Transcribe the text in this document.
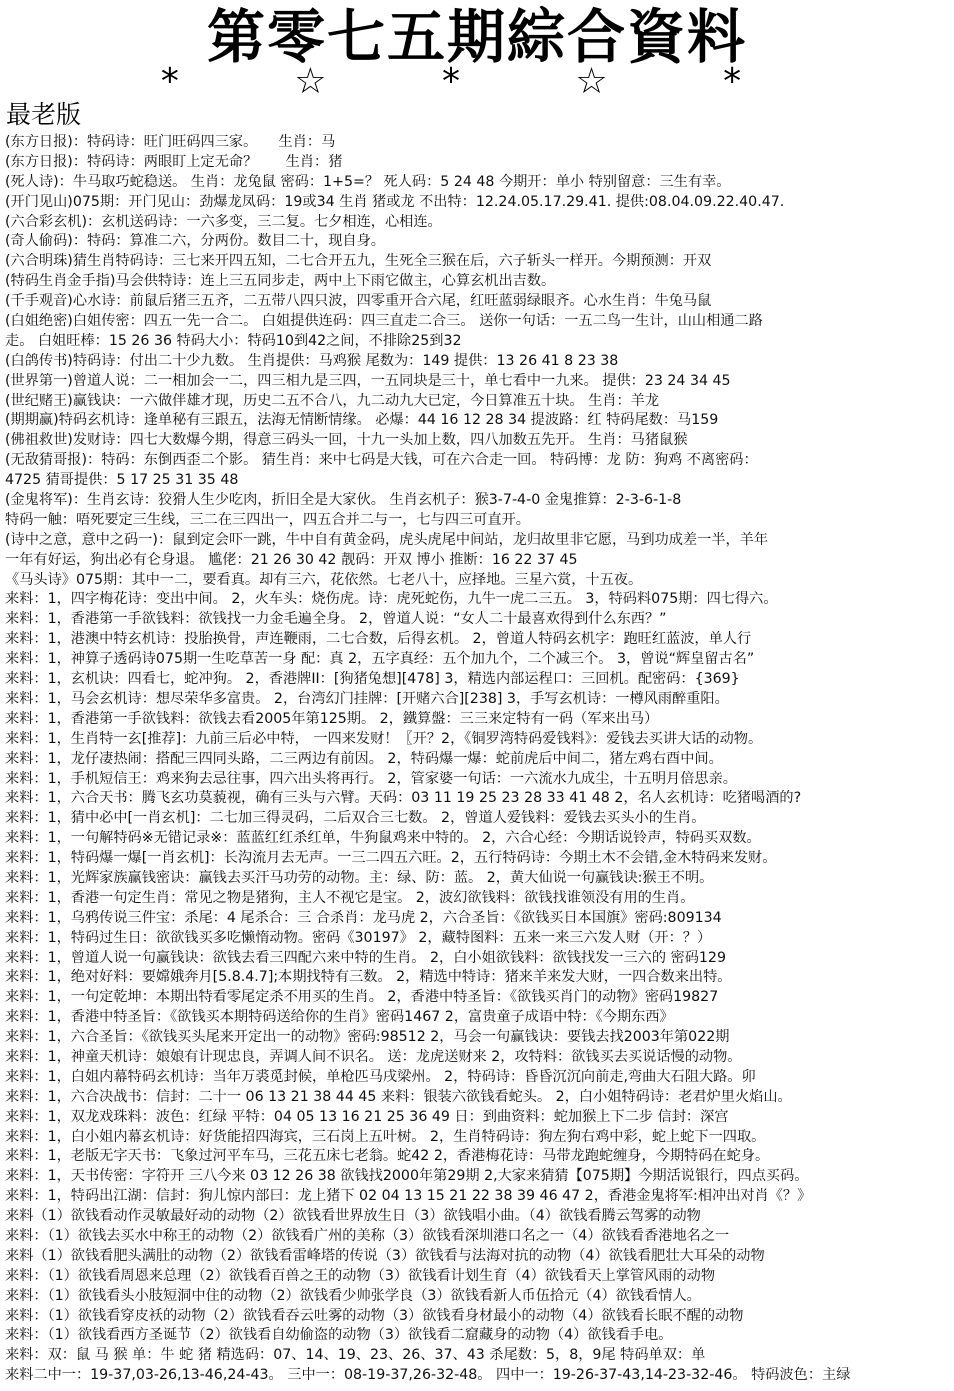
第零七五期綜合資料
* ☆ * ☆ *
最老版
(东方日报)：特码诗：旺门旺码四三家。　　生肖：马
(东方日报)：特码诗：两眼盯上定无命？　　生肖：猪
(死人诗)：牛马取巧蛇稳送。 生肖：龙兔鼠 密码：1+5=？ 死人码：5 24 48 今期开：单小 特别留意：三生有幸。
(开门见山)075期：开门见山：劲爆龙凤码：19或34 生肖 猪或龙 不出特：12.24.05.17.29.41. 提供:08.04.09.22.40.47.
(六合彩玄机)：玄机送码诗：一六多变，三二复。七夕相连，心相连。
(奇人偷码)：特码：算准二六，分两份。数目二十，现自身。
(六合明珠)猜生肖特码诗：三七来开四五知，二七合开五九，生死全三猴在后，六子斩头一样开。今期预测：开双
(特码生肖金手指)马会供特诗：连上三五同步走，两中上下雨它做主，心算玄机出吉数。
(千手观音)心水诗：前鼠后猪三五齐，二五带八四只波，四零重开合六尾，红旺蓝弱绿眼齐。心水生肖：牛兔马鼠
(白姐绝密)白姐传密：四五一先一合二。 白姐提供连码：四三直走二合三。 送你一句话：一五二鸟一生计，山山相通二路
走。 白姐旺棒：15 26 36 特码大小：特码10到42之间，不排除25到32
(白鸽传书)特码诗：付出二十少九数。 生肖提供：马鸡猴 尾数为：149 提供：13 26 41 8 23 38
(世界第一)曾道人说：二一相加会一二，四三相九是三四，一五同块是三十，单七看中一九来。 提供：23 24 34 45
(世纪赌王)赢钱诀：一六做伴雄才现，历史二五不合八，九二动九大已定，今日算准五十块。 生肖：羊龙
(期期赢)特码玄机诗：逢单秘有三跟五，法海无情断情缘。 必爆：44 16 12 28 34 提波路：红 特码尾数：马159
(佛祖救世)发财诗：四七大数爆今期，得意三码头一回，十九一头加上数，四八加数五先开。 生肖：马猪鼠猴
(无敌猜哥报)：特码：东倒西歪二个影。 猜生肖：来中七码是大钱，可在六合走一回。 特码博：龙 防：狗鸡 不离密码：
4725 猜哥提供：5 17 25 31 35 48
(金鬼将军)：生肖玄诗：狡猾人生少吃肉，折旧全是大家伙。 生肖玄机子：猴3-7-4-0 金鬼推算：2-3-6-1-8
特码一触：唔死要定三生线，三二在三四出一，四五合并二与一，七与四三可直开。
(诗中之意，意中之码一)：鼠到定会吓一跳，牛中自有黄金码，虎头虎尾中间站，龙归故里非它愿，马到功成差一半，羊年
一年有好运，狗出必有仑身退。 尴佬：21 26 30 42 靓码：开双 博小 推断：16 22 37 45
《马头诗》075期：其中一二，要看真。却有三六，花依然。七老八十，应择地。三星六赏，十五夜。
来料：1，四字梅花诗：变出中间。 2，火车头：烧伤虎。诗：虎死蛇伤，九牛一虎二三五。 3，特码料075期：四七得六。
来料：1，香港第一手欲钱料：欲钱找一力金毛遍全身。 2，曾道人说：“女人二十最喜欢得到什么东西？”
来料：1，港澳中特玄机诗：投胎换骨，声连鞭雨，二七合数，后得玄机。 2，曾道人特码玄机字：跑旺红蓝波，单人行
来料：1，神算子透码诗075期一生吃草苦一身 配：真 2，五字真经：五个加九个，二个减三个。 3，曾说“辉皇留古名”
来料：1，玄机诀：四看七，蛇冲狗。 2，香港牌II：[狗猪兔想][478] 3，精选内部运程口：三回机。配密码：{369}
来料：1，马会玄机诗：想尽荣华多富贵。 2，台湾幻门挂牌：[开赌六合][238] 3，手写玄机诗：一樽风雨醉重阳。
来料：1，香港第一手欲钱料：欲钱去看2005年第125期。 2，鐵算盤：三三来定特有一码（军来出马）
来料：1，生肖特一玄[推荐]：九前三后必中特， 一四来发财！〖开？2，《铜罗湾特码爱钱料》：爱钱去买讲大话的动物。
来料：1，龙仔凄热闹：搭配三四同头路，二三两边有前因。 2，特码爆一爆：蛇前虎后中间二，猪左鸡右酉中间。
来料：1，手机短信王：鸡来狗去忌往事，四六出头将再行。 2，管家婆一句话：一六流水九成尘，十五明月倍思亲。
来料：1，六合天书：腾飞玄功莫藐视，确有三头与六臂。天码：03 11 19 25 23 28 33 41 48 2，名人玄机诗：吃猪喝酒的?
来料：1，猜中必中[一肖玄机]：二七加三得灵码，二后双合三七数。 2，曾道人爱钱料：爱钱去买头小的生肖。
来料：1，一句解特码※无错记录※：蓝蓝红红杀红单，牛狗鼠鸡来中特的。 2，六合心经：今期话说铃声，特码买双数。
来料：1，特码爆一爆[一肖玄机]：长沟流月去无声。一三二四五六旺。2，五行特码诗：今期土木不会错,金木特码来发财。
来料：1，光辉家族赢钱密诀：赢钱去买汗马功劳的动物。主：绿、防：蓝。 2，黄大仙说一句赢钱诀:猴王不明。
来料：1，香港一句定生肖：常见之物是猪狗，主人不视它是宝。 2，波幻欲钱料：欲钱找谁领没有用的生肖。
来料：1，乌鸦传说三件宝：杀尾：4 尾杀合：三 合杀肖：龙马虎 2，六合圣旨：《欲钱买日本国旗》密码:809134
来料：1，特码过生日：欲欲钱买多吃懒惰动物。密码《30197》 2，藏特图料：五来一来三六发人财（开：？）
来料：1，曾道人说一句赢钱诀：欲钱去看三四配六来中特的生肖。 2，白小姐欲钱料：欲钱找发一三六的 密码129
来料：1，绝对好料：要嫦娥奔月[5.8.4.7];本期找特有三数。 2，精选中特诗：猪来羊来发大财，一四合数来出特。
来料：1，一句定乾坤：本期出特看零尾定杀不用买的生肖。 2，香港中特圣旨：《欲钱买肖门的动物》密码19827
来料：1，香港中特圣旨：《欲钱买本期特码送给你的生肖》密码1467 2，富贵童子成语中特：《今期东西》
来料：1，六合圣旨：《欲钱买头尾来开定出一的动物》密码:98512 2，马会一句赢钱诀：要钱去找2003年第022期
来料：1，神童天机诗：娘娘有计现忠良，弄调人间不识名。 送：龙虎送财来 2，攻特料：欲钱买去买说话慢的动物。
来料：1，白姐内幕特码玄机诗：当年万裘觅封候，单枪匹马戌梁州。 2，特码诗：昏昏沉沉向前走,弯曲大石阻大路。卯
来料：1，六合决战书：信封：二十一 06 13 21 38 44 45 来料：银装六欲钱看蛇头。 2，白小姐特码诗：老君炉里火焰山。
来料：1，双龙戏珠料：波色：红绿 平特：04 05 13 16 21 25 36 49 日：到曲资料：蛇加猴上下二步 信封：深宫
来料：1，白小姐内幕玄机诗：好货能招四海宾，三石岗上五叶树。 2，生肖特码诗：狗左狗右鸡中彩，蛇上蛇下一四取。
来料：1，老版无字天书：飞象过河平车马，三花五床七老翁。蛇42 2，香港梅花诗：马带龙跑蛇缠身，今期特码在蛇身。
来料：1，天书传密：字符开 三八今来 03 12 26 38 欲钱找2000年第29期 2,大家来猜猜【075期】今期活说银行，四点买码。
来料：1，特码出江湖：信封：狗儿惊内部曰：龙上猪下 02 04 13 15 21 22 38 39 46 47 2，香港金鬼将军:相冲出对肖《？》
来料（1）欲钱看动作灵敏最好动的动物（2）欲钱看世界放生日（3）欲钱唱小曲。（4）欲钱看腾云驾雾的动物
来料：（1）欲钱去买水中称王的动物（2）欲钱看广州的美称（3）欲钱看深圳港口名之一（4）欲钱看香港地名之一
来料（1）欲钱看肥头满肚的动物（2）欲钱看雷峰塔的传说（3）欲钱看与法海对抗的动物（4）欲钱看肥壮大耳朵的动物
来料：（1）欲钱看周恩来总理（2）欲钱看百兽之王的动物（3）欲钱看计划生育（4）欲钱看天上掌管风雨的动物
来料：（1）欲钱看头小肢短洞中住的动物（2）欲钱看少帅张学良（3）欲钱看新人币伍拾元（4）欲钱看情人。
来料：（1）欲钱看穿皮袄的动物（2）欲钱看吞云吐雾的动物（3）欲钱看身材最小的动物（4）欲钱看长眠不醒的动物
来料：（1）欲钱看西方圣诞节（2）欲钱看自幼偷盗的动物（3）欲钱看二窟藏身的动物（4）欲钱看手电。
来料：双：鼠 马 猴 单：牛 蛇 猪 精选码：07、14、19、23、26、37、43 杀尾数：5，8，9尾 特码单双：单
来料二中一：19-37,03-26,13-46,24-43。 三中一：08-19-37,26-32-48。 四中一：19-26-37-43,14-23-32-46。 特码波色：主绿
